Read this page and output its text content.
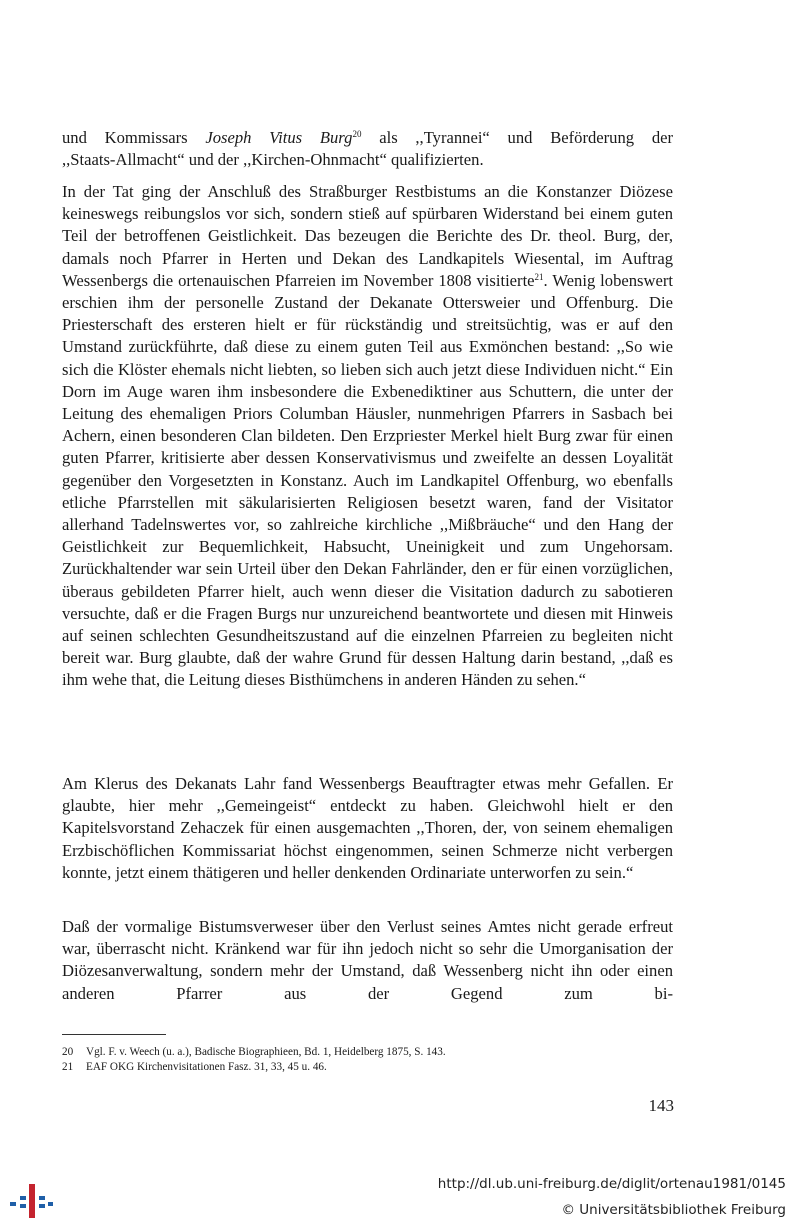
und Kommissars Joseph Vitus Burg$^{20}$ als ,,Tyrannei“ und Beförderung der

,,Staats-Allmacht“ und der ,,Kirchen-Ohnmacht“ qualifizierten.

In der Tat ging der Anschluß des Straßburger Restbistums an die Konstanzer Diözese keineswegs reibungslos vor sich, sondern stieß auf spürbaren Widerstand bei einem guten Teil der betroffenen Geistlichkeit. Das bezeugen die Berichte des Dr. theol. Burg, der, damals noch Pfarrer in Herten und Dekan des Landkapitels Wiesental, im Auftrag Wessenbergs die ortenauischen Pfarreien im November 1808 visitierte$^{21}$. Wenig lobenswert erschien ihm der personelle Zustand der Dekanate Ottersweier und Offenburg. Die Priesterschaft des ersteren hielt er für rückständig und streitsüchtig, was er auf den Umstand zurückführte, daß diese zu einem guten Teil aus Exmönchen bestand: ,,So wie sich die Klöster ehemals nicht liebten, so lieben sich auch jetzt diese Individuen nicht.“ Ein Dorn im Auge waren ihm insbesondere die Exbenediktiner aus Schuttern, die unter der Leitung des ehemaligen Priors Columban Häusler, nunmehrigen Pfarrers in Sasbach bei Achern, einen besonderen Clan bildeten. Den Erzpriester Merkel hielt Burg zwar für einen guten Pfarrer, kritisierte aber dessen Konservativismus und zweifelte an dessen Loyalität gegenüber den Vorgesetzten in Konstanz. Auch im Landkapitel Offenburg, wo ebenfalls etliche Pfarrstellen mit säkularisierten Religiosen besetzt waren, fand der Visitator allerhand Tadelnswertes vor, so zahlreiche kirchliche ,,Mißbräuche“ und den Hang der Geistlichkeit zur Bequemlichkeit, Habsucht, Uneinigkeit und zum Ungehorsam. Zurückhaltender war sein Urteil über den Dekan Fahrländer, den er für einen vorzüglichen, überaus gebildeten Pfarrer hielt, auch wenn dieser die Visitation dadurch zu sabotieren versuchte, daß er die Fragen Burgs nur unzureichend beantwortete und diesen mit Hinweis auf seinen schlechten Gesundheitszustand auf die einzelnen Pfarreien zu begleiten nicht bereit war. Burg glaubte, daß der wahre Grund für dessen Haltung darin bestand, ,,daß es ihm wehe that, die Leitung dieses Bisthümchens in anderen Händen zu sehen.“

Am Klerus des Dekanats Lahr fand Wessenbergs Beauftragter etwas mehr Gefallen. Er glaubte, hier mehr ,,Gemeingeist“ entdeckt zu haben. Gleichwohl hielt er den Kapitelsvorstand Zehaczek für einen ausgemachten ,,Thoren, der, von seinem ehemaligen Erzbischöflichen Kommissariat höchst eingenommen, seinen Schmerze nicht verbergen konnte, jetzt einem thätigeren und heller denkenden Ordinariate unterworfen zu sein.“

Daß der vormalige Bistumsverweser über den Verlust seines Amtes nicht gerade erfreut war, überrascht nicht. Kränkend war für ihn jedoch nicht so sehr die Umorganisation der Diözesanverwaltung, sondern mehr der Umstand, daß Wessenberg nicht ihn oder einen anderen Pfarrer aus der Gegend zum bi-

20 Vgl. F. v. Weech (u. a.), Badische Biographieen, Bd. 1, Heidelberg 1875, S. 143.
21 EAF OKG Kirchenvisitationen Fasz. 31, 33, 45 u. 46.
143
http://dl.ub.uni-freiburg.de/diglit/ortenau1981/0145
© Universitätsbibliothek Freiburg
